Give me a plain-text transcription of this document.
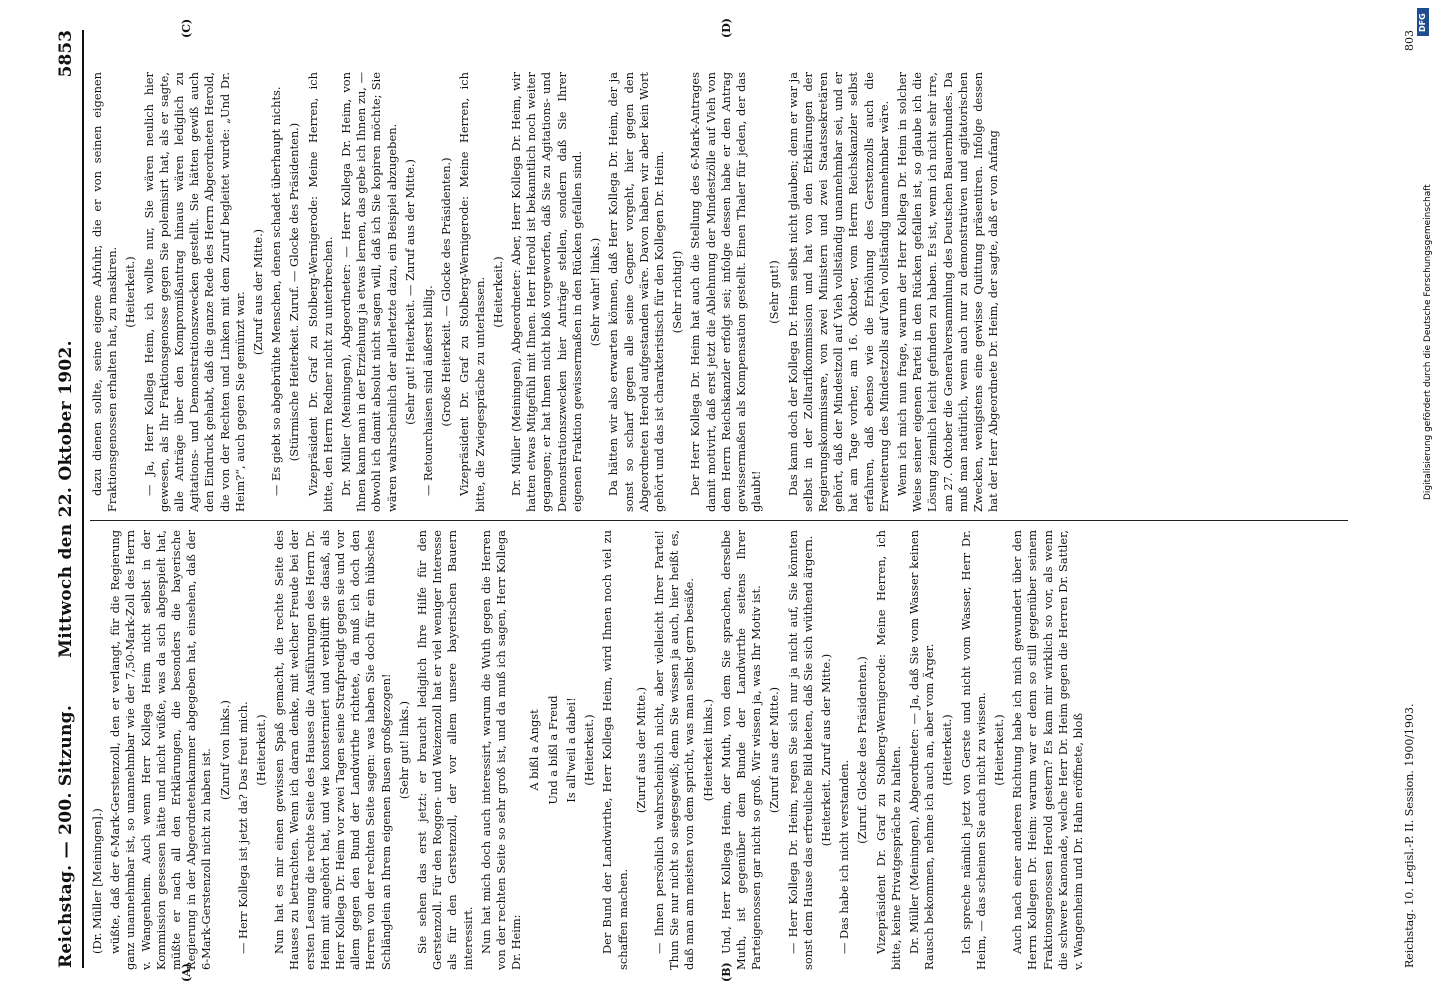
Reichstag. — 200. Sitzung.
Mittwoch den 22. Oktober 1902.
5853
(A)	(B)
(C)	(D)

(Dr. Müller [Meiningen].) wüßte, daß der 6-Mark-Gerstenzoll, den er verlangt, für die Regierung ganz unannehmbar ist, so unannehmbar wie der 7,50-Mark-Zoll des Herrn v. Wangenheim. Auch wenn Herr Kollega Heim nicht selbst in der Kommission gesessen hätte und nicht wüßte, was da sich abgespielt hat, müßte er nach all den Erklärungen, die besonders die bayerische Regierung in der Abgeordnetenkammer abgegeben hat, einsehen, daß der 6-Mark-Gerstenzoll nicht zu haben ist. (Zuruf von links.) — Herr Kollega ist jetzt da? Das freut mich. (Heiterkeit.) Nun hat es mir einen gewissen Spaß gemacht, die rechte Seite des Hauses zu betrachten. Wenn ich daran denke, mit welcher Freude bei der ersten Lesung die rechte Seite des Hauses die Ausführungen des Herrn Dr. Heim mit angehört hat, und wie konsterniert und verblüfft sie dasaß, als Herr Kollega Dr. Heim vor zwei Tagen seine Strafpredigt gegen sie und vor allem gegen den Bund der Landwirthe richtete, da muß ich doch den Herren von der rechten Seite sagen: was haben Sie doch für ein hübsches Schlänglein an Ihrem eigenen Busen großgezogen! (Sehr gut! links.) Sie sehen das erst jetzt: er braucht lediglich Ihre Hilfe für den Gerstenzoll. Für den Roggen- und Weizenzoll hat er viel weniger Interesse als für den Gerstenzoll, der vor allem unsere bayerischen Bauern interessirt. Nun hat mich doch auch interessirt, warum die Wuth gegen die Herren von der rechten Seite so sehr groß ist, und da muß ich sagen, Herr Kollega Dr. Heim:

A bißl a Angst Und a bißl a Freud Is all'weil a dabei! (Heiterkeit.) Der Bund der Landwirthe, Herr Kollega Heim, wird Ihnen noch viel zu schaffen machen.

(Zuruf aus der Mitte.) — Ihnen persönlich wahrscheinlich nicht, aber vielleicht Ihrer Partei! Thun Sie nur nicht so siegesgewiß; denn Sie wissen ja auch, hier heißt es, daß man am meisten von dem spricht, was man selbst gern besäße. (Heiterkeit links.) Und, Herr Kollega Heim, der Muth, von dem Sie sprachen, derselbe Muth, ist gegenüber dem Bunde der Landwirthe seitens Ihrer Parteigenossen gar nicht so groß. Wir wissen ja, was Ihr Motiv ist. (Zuruf aus der Mitte.) — Herr Kollega Dr. Heim, regen Sie sich nur ja nicht auf, Sie könnten sonst dem Hause das erfreuliche Bild bieten, daß Sie sich wüthend ärgern. (Heiterkeit. Zuruf aus der Mitte.)

— Das habe ich nicht verstanden.

(Zuruf. Glocke des Präsidenten.) Vizepräsident Dr. Graf zu Stolberg-Wernigerode: Meine Herren, ich bitte, keine Privatgespräche zu halten. Dr. Müller (Meiningen), Abgeordneter: — Ja, daß Sie vom Wasser keinen Rausch bekommen, nehme ich auch an, aber vom Ärger. (Heiterkeit.) Ich spreche nämlich jetzt von Gerste und nicht vom Wasser, Herr Dr. Heim, — das scheinen Sie auch nicht zu wissen. (Heiterkeit.) Auch nach einer anderen Richtung habe ich mich gewundert über den Herrn Kollegen Dr. Heim: warum war er denn so still gegenüber seinem Fraktionsgenossen Herold gestern? Es kam mir wirklich so vor, als wenn die schwere Kanonade, welche Herr Dr. Heim gegen die Herren Dr. Sattler, v. Wangenheim und Dr. Hahn eröffnete, bloß

dazu dienen sollte, seine eigene Abfuhr, die er von seinen eigenen Fraktionsgenossen erhalten hat, zu maskiren. (Heiterkeit.) — Ja, Herr Kollega Heim, ich wollte nur, Sie wären neulich hier gewesen, als Ihr Fraktionsgenosse gegen Sie polemisirt hat, als er sagte, alle Anträge über den Kompromißantrag hinaus wären lediglich zu Agitations- und Demonstrationszwecken gestellt. Sie hätten gewiß auch den Eindruck gehabt, daß die ganze Rede des Herrn Abgeordneten Herold, die von der Rechten und Linken mit dem Zuruf begleitet wurde: „Und Dr. Heim?“, auch gegen Sie gemünzt war. (Zuruf aus der Mitte.) — Es giebt so abgebrühte Menschen, denen schadet überhaupt nichts. (Stürmische Heiterkeit. Zuruf. — Glocke des Präsidenten.) Vizepräsident Dr. Graf zu Stolberg-Wernigerode: Meine Herren, ich bitte, den Herrn Redner nicht zu unterbrechen. Dr. Müller (Meiningen), Abgeordneter: — Herr Kollega Dr. Heim, von Ihnen kann man in der Erziehung ja etwas lernen, das gebe ich Ihnen zu, — obwohl ich damit absolut nicht sagen will, daß ich Sie kopiren möchte; Sie wären wahrscheinlich der allerletzte dazu, ein Beispiel abzugeben. (Sehr gut! Heiterkeit. — Zuruf aus der Mitte.) — Retourchaisen sind äußerst billig. (Große Heiterkeit. — Glocke des Präsidenten.) Vizepräsident Dr. Graf zu Stolberg-Wernigerode: Meine Herren, ich bitte, die Zwiegespräche zu unterlassen. (Heiterkeit.) Dr. Müller (Meiningen), Abgeordneter: Aber, Herr Kollega Dr. Heim, wir hatten etwas Mitgefühl mit Ihnen. Herr Herold ist bekanntlich noch weiter gegangen; er hat Ihnen nicht bloß vorgeworfen, daß Sie zu Agitations- und Demonstrationszwecken hier Anträge stellen, sondern daß Sie Ihrer eigenen Fraktion gewissermaßen in den Rücken gefallen sind. (Sehr wahr! links.) Da hätten wir also erwarten können, daß Herr Kollega Dr. Heim, der ja sonst so scharf gegen alle seine Gegner vorgeht, hier gegen den Abgeordneten Herold aufgestanden wäre. Davon haben wir aber kein Wort gehört und das ist charakteristisch für den Kollegen Dr. Heim. (Sehr richtig!) Der Herr Kollega Dr. Heim hat auch die Stellung des 6-Mark-Antrages damit motivirt, daß erst jetzt die Ablehnung der Mindestzölle auf Vieh von dem Herrn Reichskanzler erfolgt sei; infolge dessen habe er den Antrag gewissermaßen als Kompensation gestellt. Einen Thaler für jeden, der das glaubt!

(Sehr gut!) Das kann doch der Kollega Dr. Heim selbst nicht glauben; denn er war ja selbst in der Zolltarifkommission und hat von den Erklärungen der Regierungskommissare, von zwei Ministern und zwei Staatssekretären gehört, daß der Mindestzoll auf Vieh vollständig unannehmbar sei, und er hat am Tage vorher, am 16. Oktober, vom Herrn Reichskanzler selbst erfahren, daß ebenso wie die Erhöhung des Gerstenzolls auch die Erweiterung des Mindestzolls auf Vieh vollständig unannehmbar wäre. Wenn ich mich nun frage, warum der Herr Kollega Dr. Heim in solcher Weise seiner eigenen Partei in den Rücken gefallen ist, so glaube ich die Lösung ziemlich leicht gefunden zu haben. Es ist, wenn ich nicht sehr irre, am 27. Oktober die Generalversammlung des Deutschen Bauernbundes. Da muß man natürlich, wenn auch nur zu demonstrativen und agitatorischen Zwecken, wenigstens eine gewisse Quittung präsentiren. Infolge dessen hat der Herr Abgeordnete Dr. Heim, der sagte, daß er von Anfang

Reichstag. 10. Legisl.-P. II. Session. 1900/1903.
803
DFG
Digitalisierung gefördert durch die Deutsche Forschungsgemeinschaft
